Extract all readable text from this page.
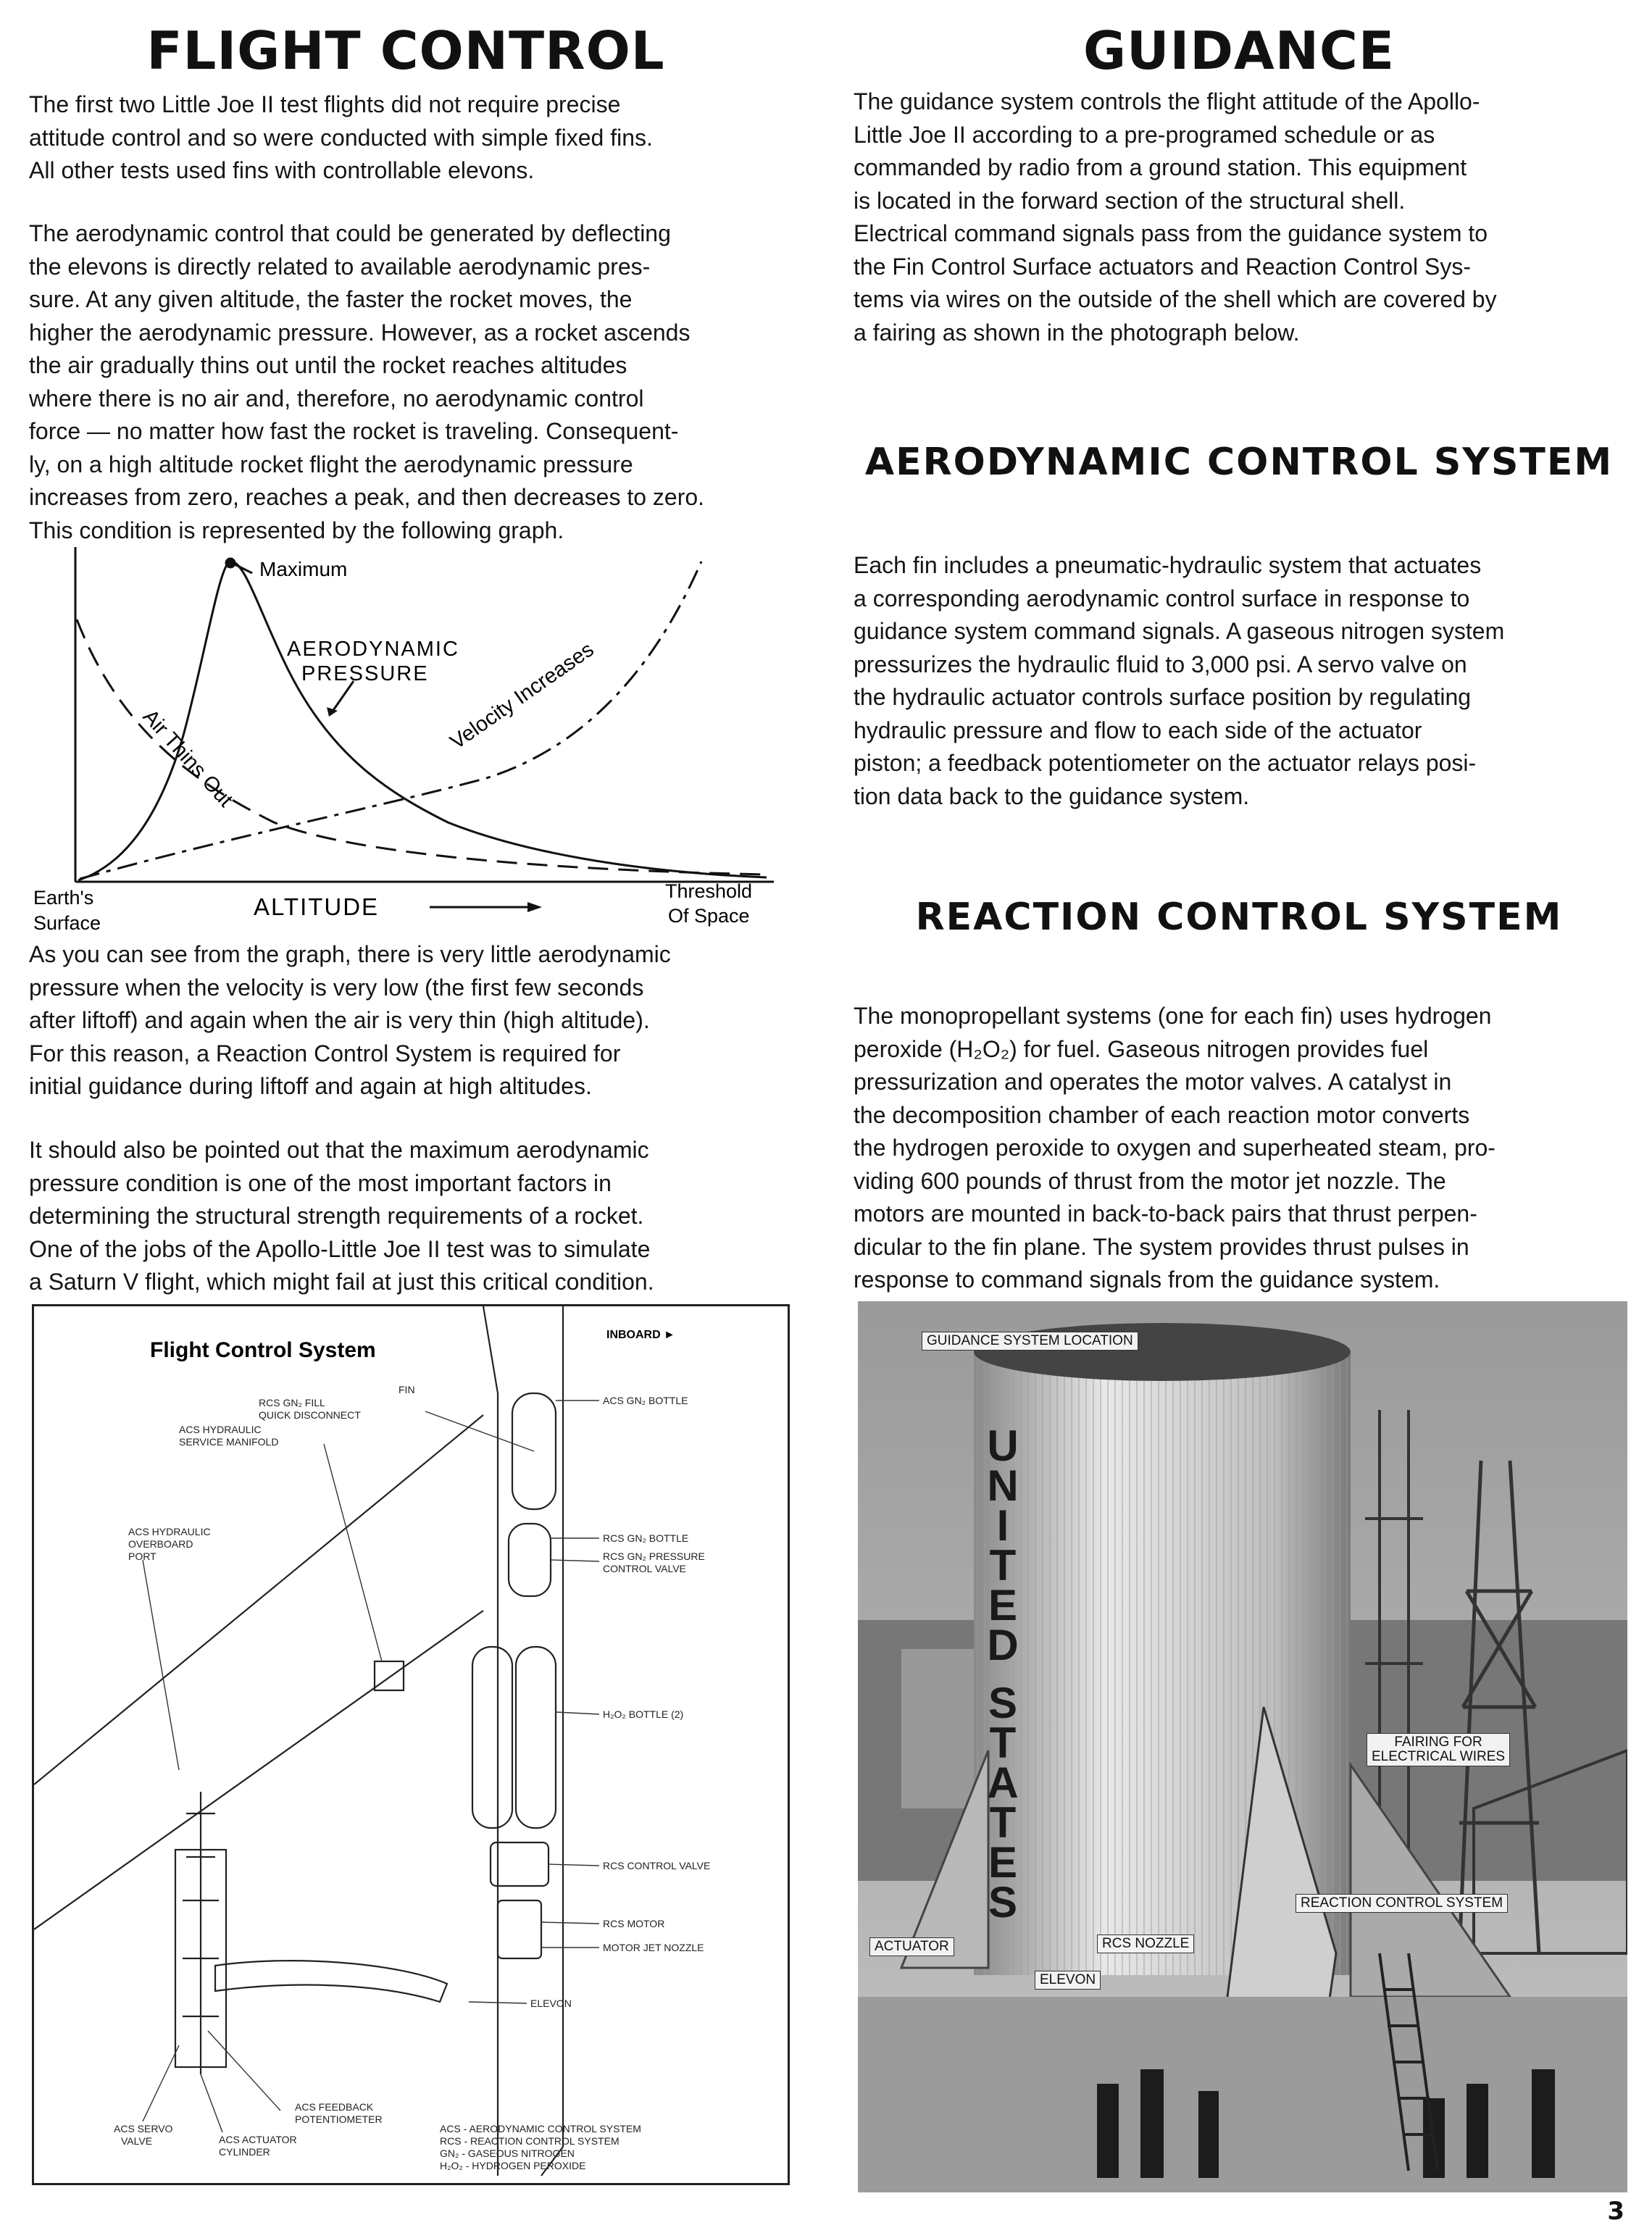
FLIGHT CONTROL

The first two Little Joe II test flights did not require precise
attitude control and so were conducted with simple fixed fins.
All other tests used fins with controllable elevons.

The aerodynamic control that could be generated by deflecting
the elevons is directly related to available aerodynamic pres-
sure. At any given altitude, the faster the rocket moves, the
higher the aerodynamic pressure. However, as a rocket ascends
the air gradually thins out until the rocket reaches altitudes
where there is no air and, therefore, no aerodynamic control
force — no matter how fast the rocket is traveling. Consequent-
ly, on a high altitude rocket flight the aerodynamic pressure
increases from zero, reaches a peak, and then decreases to zero.
This condition is represented by the following graph.

Maximum
AERODYNAMIC
PRESSURE Velocity Increases
Air Thins Out
Earth's
Surface
ALTITUDE
Threshold
Of Space

As you can see from the graph, there is very little aerodynamic
pressure when the velocity is very low (the first few seconds
after liftoff) and again when the air is very thin (high altitude).
For this reason, a Reaction Control System is required for
initial guidance during liftoff and again at high altitudes.

It should also be pointed out that the maximum aerodynamic
pressure condition is one of the most important factors in
determining the structural strength requirements of a rocket.
One of the jobs of the Apollo-Little Joe II test was to simulate
a Saturn V flight, which might fail at just this critical condition.

Flight Control System
INBOARD ►
FIN
ACS GN₂ BOTTLE
RCS GN₂ FILL
QUICK DISCONNECT
ACS HYDRAULIC
SERVICE MANIFOLD
RCS GN₂ BOTTLE
RCS GN₂ PRESSURE
CONTROL VALVE
ACS HYDRAULIC
OVERBOARD
PORT
H₂O₂ BOTTLE (2)
RCS CONTROL VALVE
RCS MOTOR
MOTOR JET NOZZLE
ELEVON
ACS FEEDBACK
POTENTIOMETER
ACS SERVO
VALVE	ACS ACTUATOR
CYLINDER
ACS - AERODYNAMIC CONTROL SYSTEM
RCS - REACTION CONTROL SYSTEM
GN₂ - GASEOUS NITROGEN
H₂O₂ - HYDROGEN PEROXIDE
GUIDANCE

The guidance system controls the flight attitude of the Apollo-
Little Joe II according to a pre-programed schedule or as
commanded by radio from a ground station. This equipment
is located in the forward section of the structural shell.
Electrical command signals pass from the guidance system to
the Fin Control Surface actuators and Reaction Control Sys-
tems via wires on the outside of the shell which are covered by
a fairing as shown in the photograph below.

AERODYNAMIC CONTROL SYSTEM

Each fin includes a pneumatic-hydraulic system that actuates
a corresponding aerodynamic control surface in response to
guidance system command signals. A gaseous nitrogen system
pressurizes the hydraulic fluid to 3,000 psi. A servo valve on
the hydraulic actuator controls surface position by regulating
hydraulic pressure and flow to each side of the actuator
piston; a feedback potentiometer on the actuator relays posi-
tion data back to the guidance system.

REACTION CONTROL SYSTEM

The monopropellant systems (one for each fin) uses hydrogen
peroxide (H₂O₂) for fuel. Gaseous nitrogen provides fuel
pressurization and operates the motor valves. A catalyst in
the decomposition chamber of each reaction motor converts
the hydrogen peroxide to oxygen and superheated steam, pro-
viding 600 pounds of thrust from the motor jet nozzle. The
motors are mounted in back-to-back pairs that thrust perpen-
dicular to the fin plane. The system provides thrust pulses in
response to command signals from the guidance system.

U
N
I
T
E
D
S
T
A
T
E
S
GUIDANCE SYSTEM LOCATION
FAIRING FOR
ELECTRICAL WIRES
REACTION CONTROL SYSTEM
ACTUATOR	RCS NOZZLE
ELEVON
3
